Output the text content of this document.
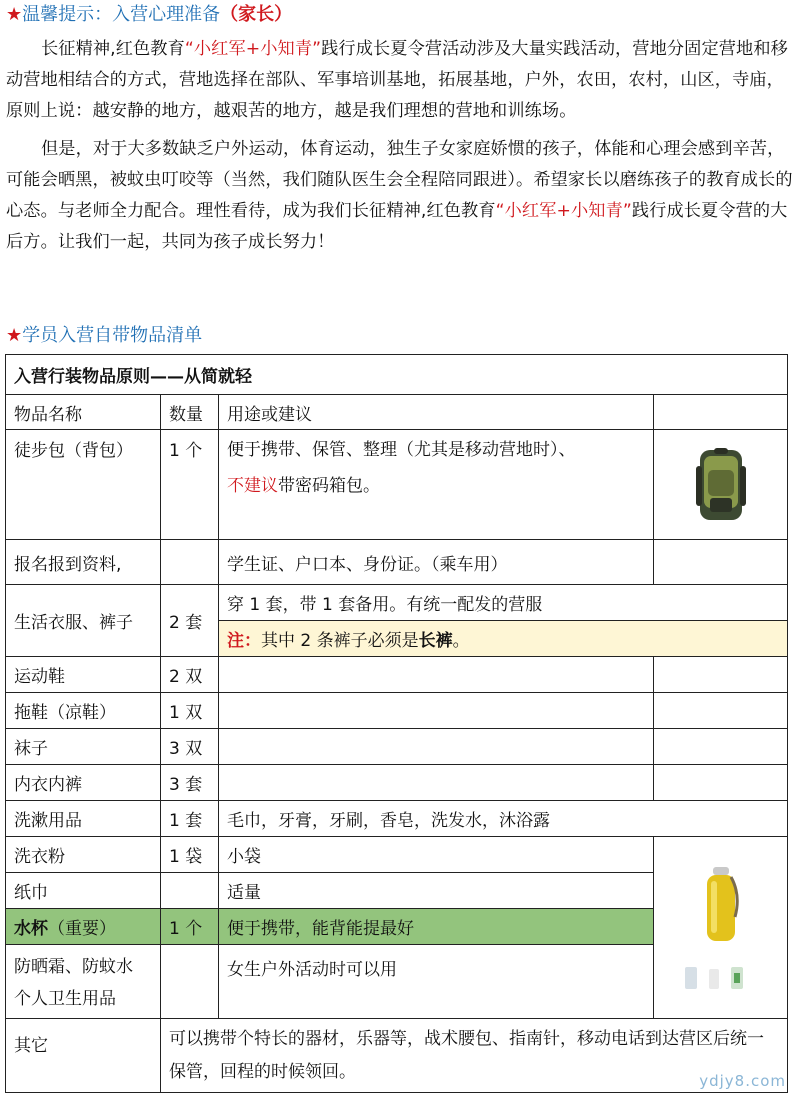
★温馨提示：入营心理准备（家长）
长征精神,红色教育“小红军+小知青”践行成长夏令营活动涉及大量实践活动，营地分固定营地和移动营地相结合的方式，营地选择在部队、军事培训基地，拓展基地，户外，农田，农村，山区，寺庙，原则上说：越安静的地方，越艰苦的地方，越是我们理想的营地和训练场。
但是，对于大多数缺乏户外运动，体育运动，独生子女家庭娇惯的孩子，体能和心理会感到辛苦，可能会晒黑，被蚊虫叮咬等（当然，我们随队医生会全程陪同跟进）。希望家长以磨练孩子的教育成长的心态。与老师全力配合。理性看待，成为我们长征精神,红色教育“小红军+小知青”践行成长夏令营的大后方。让我们一起，共同为孩子成长努力！
★学员入营自带物品清单
入营行装物品原则——从简就轻			
物品名称	数量	用途或建议	
徒步包（背包）	1 个	便于携带、保管、整理（尤其是移动营地时）、
不建议带密码箱包。

报名报到资料,		学生证、户口本、身份证。（乘车用）	
生活衣服、裤子	2 套	穿 1 套，带 1 套备用。有统一配发的营服	
		注：其中 2 条裤子必须是长裤。	
运动鞋	2 双		
拖鞋（凉鞋）	1 双		
袜子	3 双		
内衣内裤	3 套		
洗漱用品	1 套	毛巾，牙膏，牙刷，香皂，洗发水，沐浴露	
洗衣粉	1 袋	小袋	

纸巾		适量	
水杯（重要）	1 个	便于携带，能背能提最好	

防晒霜、防蚊水
个人卫生用品		女生户外活动时可以用	
其它	可以携带个特长的器材，乐器等，战术腰包、指南针，移动电话到达营区后统一保管，回程的时候领回。			ydjy8.com
